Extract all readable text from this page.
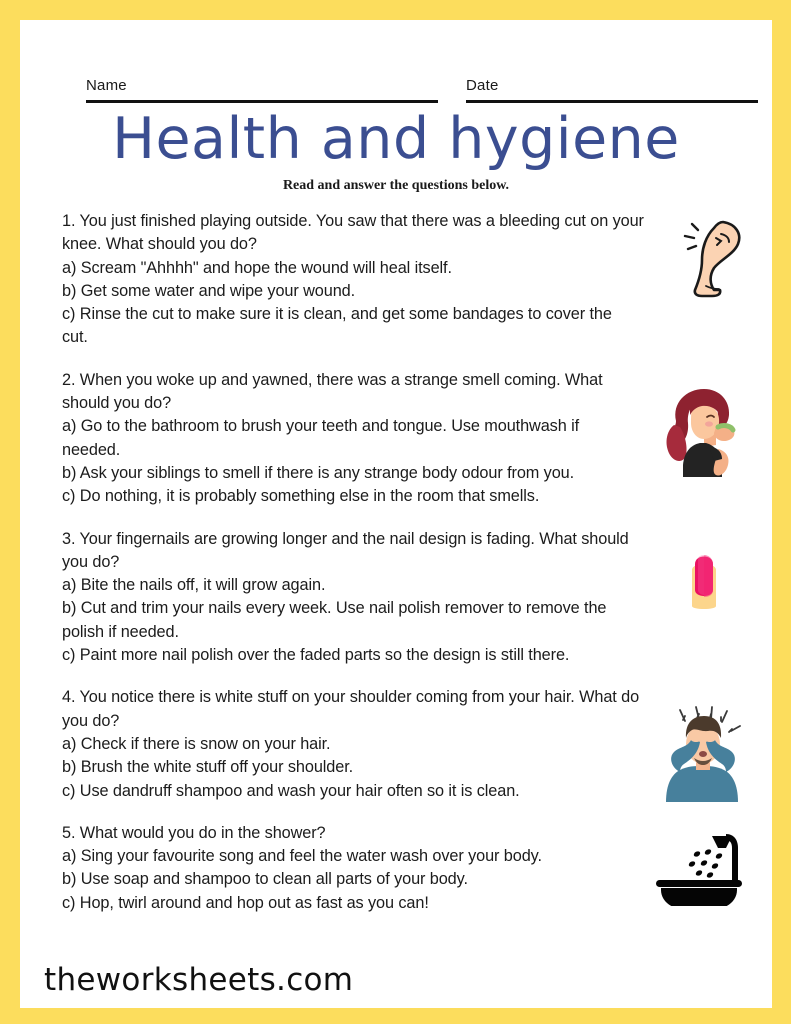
Name	Date
Health and hygiene
Read and answer the questions below.

1. You just finished playing outside. You saw that there was a bleeding cut on your
knee. What should you do?
a) Scream "Ahhhh" and hope the wound will heal itself.
b) Get some water and wipe your wound.
c) Rinse the cut to make sure it is clean, and get some bandages to cover the
cut.

2. When you woke up and yawned, there was a strange smell coming. What
should you do?
a) Go to the bathroom to brush your teeth and tongue. Use mouthwash if
needed.
b) Ask your siblings to smell if there is any strange body odour from you.
c) Do nothing, it is probably something else in the room that smells.

3. Your fingernails are growing longer and the nail design is fading. What should
you do?
a) Bite the nails off, it will grow again.
b) Cut and trim your nails every week. Use nail polish remover to remove the
polish if needed.
c) Paint more nail polish over the faded parts so the design is still there.

4. You notice there is white stuff on your shoulder coming from your hair. What do
you do?
a) Check if there is snow on your hair.
b) Brush the white stuff off your shoulder.
c) Use dandruff shampoo and wash your hair often so it is clean.

5. What would you do in the shower?
a) Sing your favourite song and feel the water wash over your body.
b) Use soap and shampoo to clean all parts of your body.
c) Hop, twirl around and hop out as fast as you can!

theworksheets.com
